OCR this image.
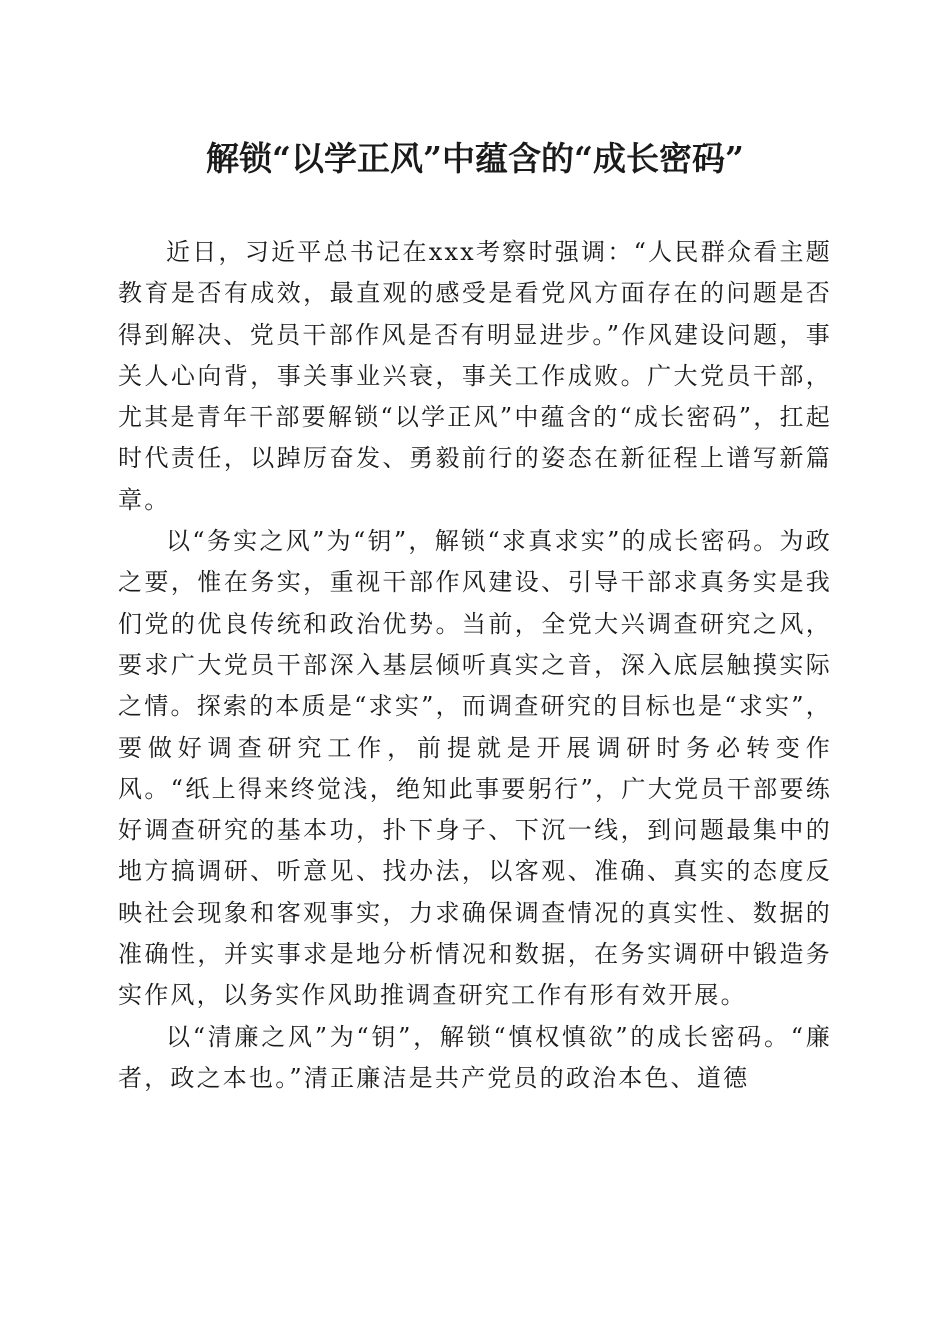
解锁“以学正风”中蕴含的“成长密码”

近日，习近平总书记在xxx考察时强调：“人民群众看主题教育是否有成效，最直观的感受是看党风方面存在的问题是否得到解决、党员干部作风是否有明显进步。”作风建设问题，事关人心向背，事关事业兴衰，事关工作成败。广大党员干部，尤其是青年干部要解锁“以学正风”中蕴含的“成长密码”，扛起时代责任，以踔厉奋发、勇毅前行的姿态在新征程上谱写新篇章。

以“务实之风”为“钥”，解锁“求真求实”的成长密码。为政之要，惟在务实，重视干部作风建设、引导干部求真务实是我们党的优良传统和政治优势。当前，全党大兴调查研究之风，要求广大党员干部深入基层倾听真实之音，深入底层触摸实际之情。探索的本质是“求实”，而调查研究的目标也是“求实”，要做好调查研究工作，前提就是开展调研时务必转变作风。“纸上得来终觉浅，绝知此事要躬行”，广大党员干部要练好调查研究的基本功，扑下身子、下沉一线，到问题最集中的地方搞调研、听意见、找办法，以客观、准确、真实的态度反映社会现象和客观事实，力求确保调查情况的真实性、数据的准确性，并实事求是地分析情况和数据，在务实调研中锻造务实作风，以务实作风助推调查研究工作有形有效开展。

以“清廉之风”为“钥”，解锁“慎权慎欲”的成长密码。“廉者，政之本也。”清正廉洁是共产党员的政治本色、道德
